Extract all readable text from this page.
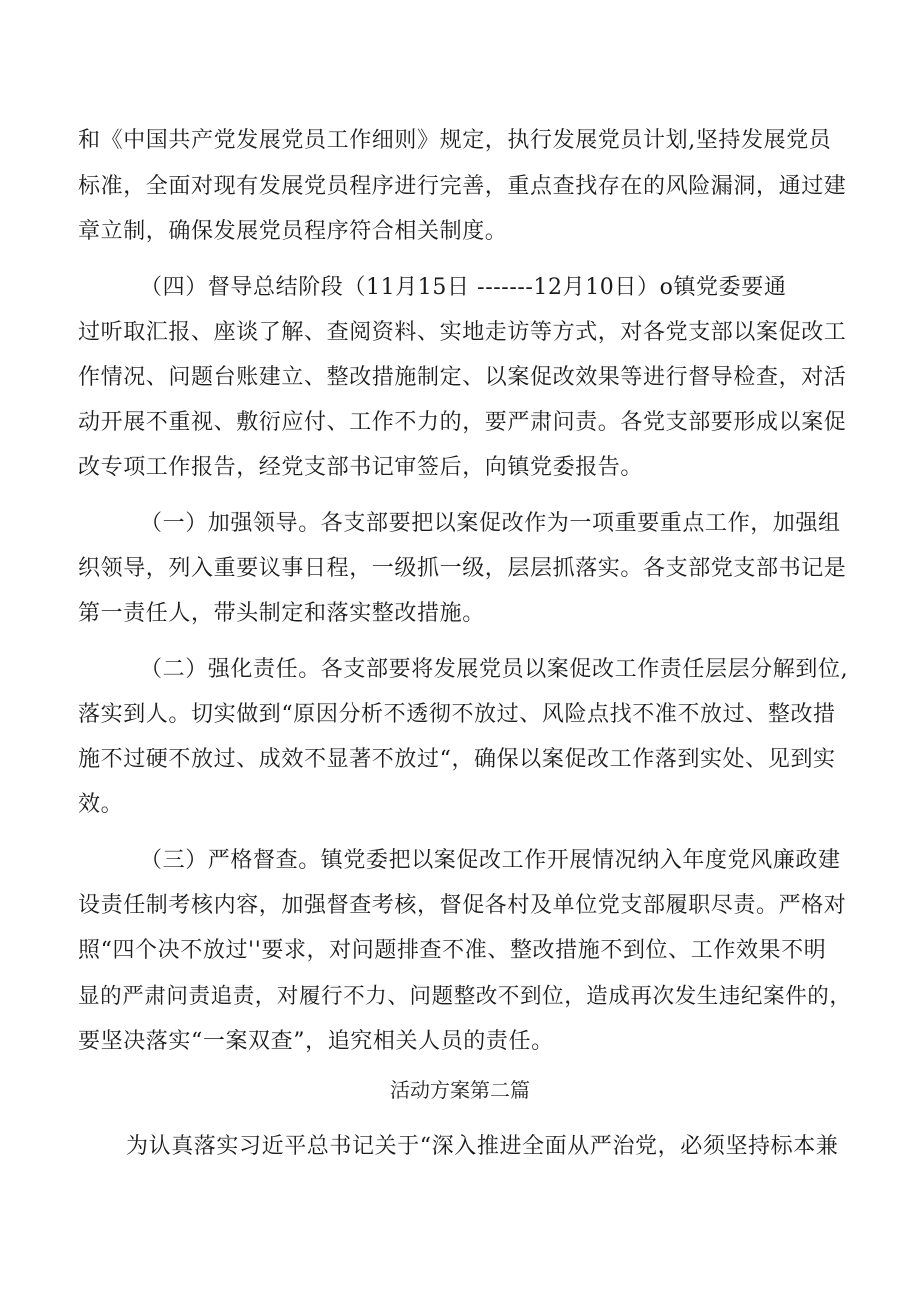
和《中国共产党发展党员工作细则》规定，执行发展党员计划,坚持发展党员
标准，全面对现有发展党员程序进行完善，重点查找存在的风险漏洞，通过建
章立制，确保发展党员程序符合相关制度。
（四）督导总结阶段（11月15日 -------12月10日）o镇党委要通
过听取汇报、座谈了解、查阅资料、实地走访等方式，对各党支部以案促改工
作情况、问题台账建立、整改措施制定、以案促改效果等进行督导检查，对活
动开展不重视、敷衍应付、工作不力的，要严肃问责。各党支部要形成以案促
改专项工作报告，经党支部书记审签后，向镇党委报告。
（一）加强领导。各支部要把以案促改作为一项重要重点工作，加强组
织领导，列入重要议事日程，一级抓一级，层层抓落实。各支部党支部书记是
第一责任人，带头制定和落实整改措施。
（二）强化责任。各支部要将发展党员以案促改工作责任层层分解到位,
落实到人。切实做到“原因分析不透彻不放过、风险点找不准不放过、整改措
施不过硬不放过、成效不显著不放过“，确保以案促改工作落到实处、见到实
效。
（三）严格督查。镇党委把以案促改工作开展情况纳入年度党风廉政建
设责任制考核内容，加强督查考核，督促各村及单位党支部履职尽责。严格对
照“四个决不放过''要求，对问题排查不准、整改措施不到位、工作效果不明
显的严肃问责追责，对履行不力、问题整改不到位，造成再次发生违纪案件的，
要坚决落实“一案双查”，追究相关人员的责任。
活动方案第二篇
为认真落实习近平总书记关于“深入推进全面从严治党，必须坚持标本兼
